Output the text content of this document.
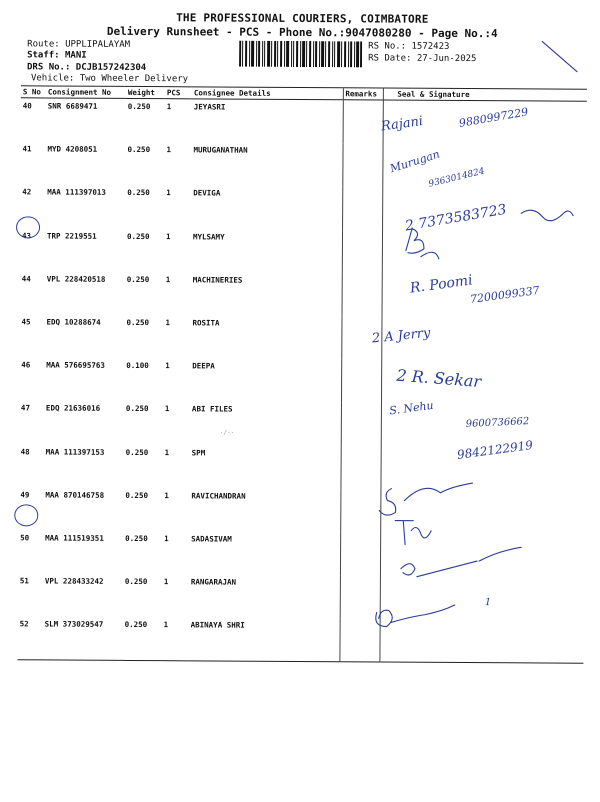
THE PROFESSIONAL COURIERS, COIMBATORE
Delivery Runsheet - PCS - Phone No.:9047080280 - Page No.:4
Route: UPPLIPALAYAM
Staff: MANI
DRS No.: DCJB157242304
Vehicle: Two Wheeler Delivery
RS No.: 1572423
RS Date: 27-Jun-2025
S No	Consignment No	Weight	PCS	Consignee Details	Remarks	Seal & Signature
40	SNR 6689471	0.250	1	JEYASRI		
41	MYD 4208051	0.250	1	MURUGANATHAN		
42	MAA 111397013	0.250	1	DEVIGA		
43	TRP 2219551	0.250	1	MYLSAMY		
44	VPL 228420518	0.250	1	MACHINERIES		
45	EDQ 10288674	0.250	1	ROSITA		
46	MAA 576695763	0.100	1	DEEPA		
47	EDQ 21636016	0.250	1	ABI FILES		
48	MAA 111397153	0.250	1	SPM		
49	MAA 870146758	0.250	1	RAVICHANDRAN		
50	MAA 111519351	0.250	1	SADASIVAM		
51	VPL 228433242	0.250	1	RANGARAJAN		
52	SLM 373029547	0.250	1	ABINAYA SHRI		
·/··
Rajani	9880997229
Murugan
9363014824
2 7373583723
R. Poomi
7200099337
2 A Jerry
2 R. Sekar
S. Nehu
9600736662
9842122919
1
